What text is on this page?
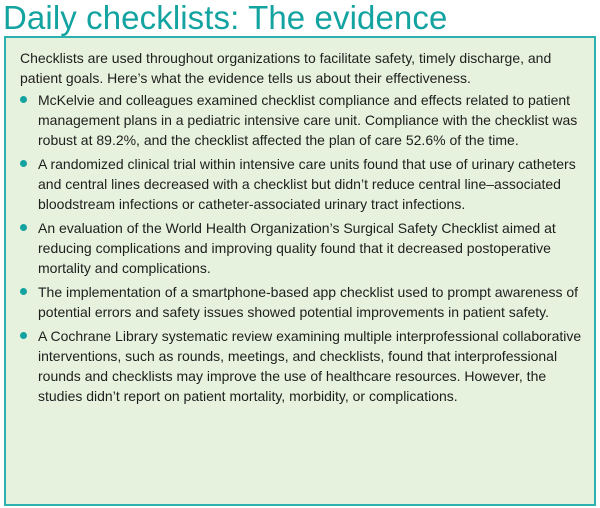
Daily checklists: The evidence

Checklists are used throughout organizations to facilitate safety, timely discharge, and patient goals. Here’s what the evidence tells us about their effectiveness.

McKelvie and colleagues examined checklist compliance and effects related to patient management plans in a pediatric intensive care unit. Compliance with the checklist was robust at 89.2%, and the checklist affected the plan of care 52.6% of the time.
A randomized clinical trial within intensive care units found that use of urinary catheters and central lines decreased with a checklist but didn’t reduce central line–associated bloodstream infections or catheter-associated urinary tract infections.
An evaluation of the World Health Organization’s Surgical Safety Checklist aimed at reducing complications and improving quality found that it decreased postoperative mortality and complications.
The implementation of a smartphone-based app checklist used to prompt awareness of potential errors and safety issues showed potential improvements in patient safety.
A Cochrane Library systematic review examining multiple interprofessional collaborative interventions, such as rounds, meetings, and checklists, found that interprofessional rounds and checklists may improve the use of healthcare resources. However, the studies didn’t report on patient mortality, morbidity, or complications.
